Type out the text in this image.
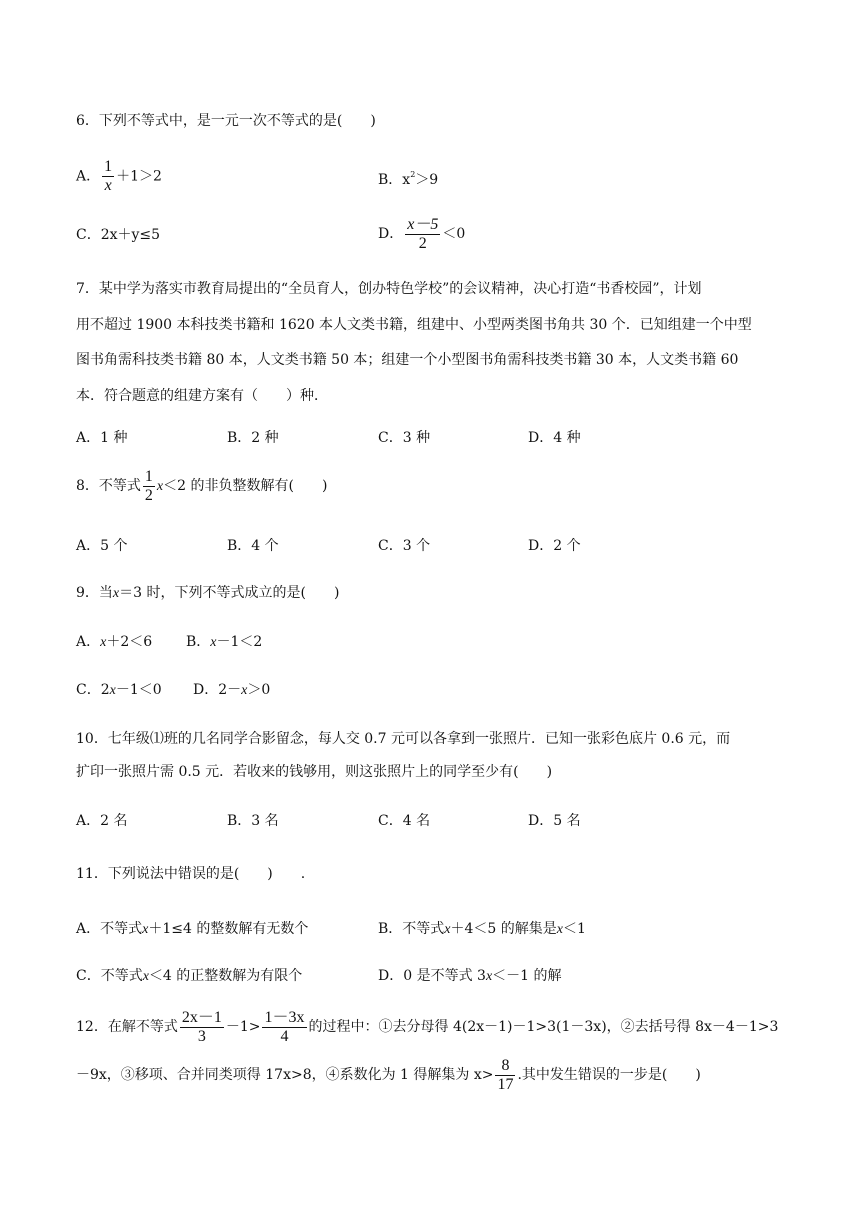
6．下列不等式中，是一元一次不等式的是(　　)
A． $\frac{1}{x} +1>2$	B．$x^2>9$
C．2x＋y≤5	D． $\frac{x-5}{2} <0$
7．某中学为落实市教育局提出的“全员育人，创办特色学校”的会议精神，决心打造“书香校园”，计划
用不超过 1900 本科技类书籍和 1620 本人文类书籍，组建中、小型两类图书角共 30 个．已知组建一个中型
图书角需科技类书籍 80 本，人文类书籍 50 本；组建一个小型图书角需科技类书籍 30 本，人文类书籍 60
本．符合题意的组建方案有（　　）种．
A．1 种	B．2 种	C．3 种	D．4 种
8．不等式 $\frac{1}{2} x<2$ 的非负整数解有(　　)
A．5 个	B．4 个	C．3 个	D．2 个
9．当x＝3 时，下列不等式成立的是(　　)
A．x＋2＜6 B．x－1＜2
C．2x－1＜0 D．2－x＞0
10．七年级⑴班的几名同学合影留念，每人交 0.7 元可以各拿到一张照片．已知一张彩色底片 0.6 元，而
扩印一张照片需 0.5 元．若收来的钱够用，则这张照片上的同学至少有(　　)
A．2 名	B．3 名	C．4 名	D．5 名
11．下列说法中错误的是(　　)　　.
A．不等式x＋1≤4 的整数解有无数个	B．不等式x＋4＜5 的解集是x＜1
C．不等式x＜4 的正整数解为有限个	D．0 是不等式 3x＜－1 的解
12．在解不等式 $\frac{2x-1}{3} -1> \frac{1-3x}{4}$ 的过程中：①去分母得 4(2x－1)－1>3(1－3x)，②去括号得 8x－4－1>3
－9x，③移项、合并同类项得 17x>8，④系数化为 1 得解集为 $x> \frac{8}{17}$ .其中发生错误的一步是(　　)
